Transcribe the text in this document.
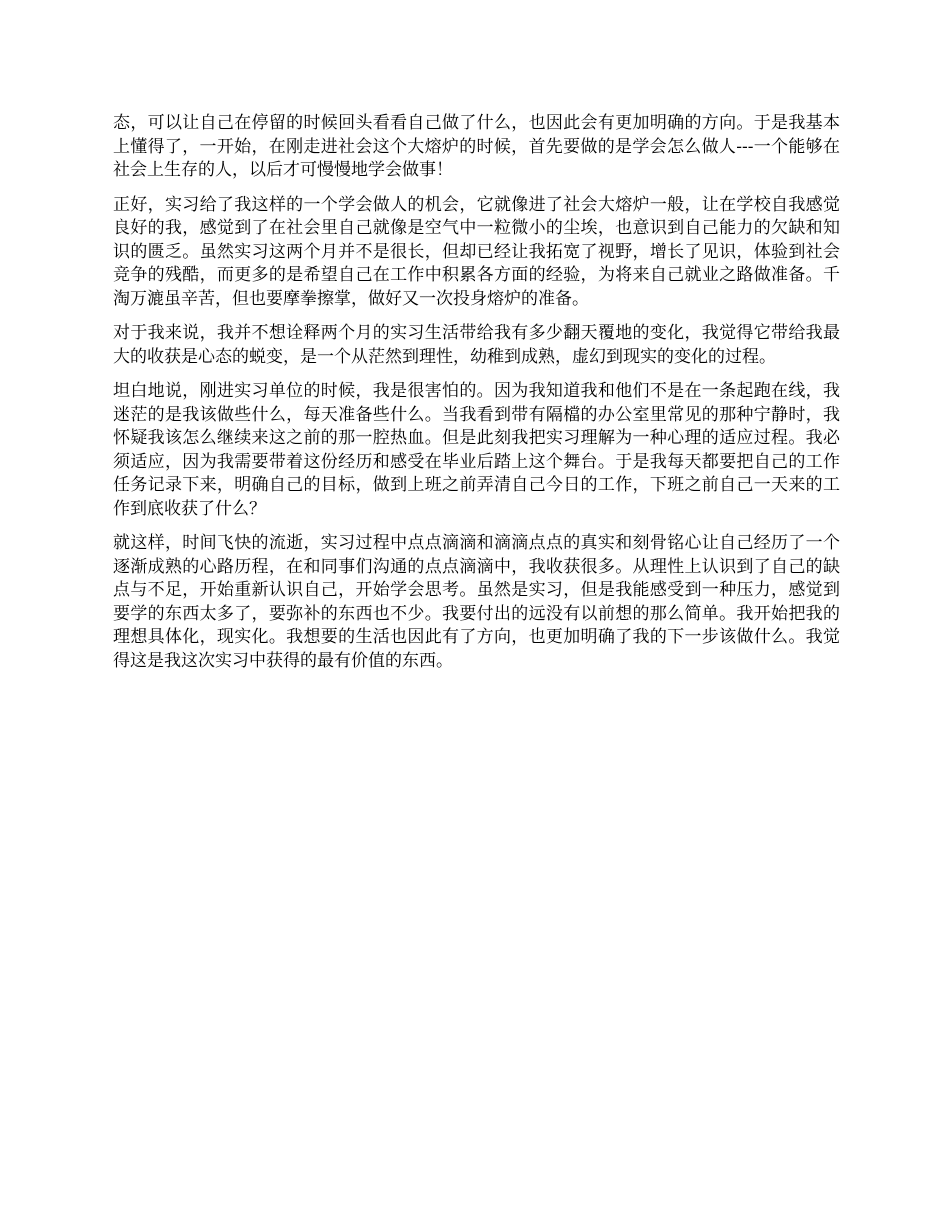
态，可以让自己在停留的时候回头看看自己做了什么，也因此会有更加明确的方向。于是我基本上懂得了，一开始，在刚走进社会这个大熔炉的时候，首先要做的是学会怎么做人---一个能够在社会上生存的人，以后才可慢慢地学会做事！

正好，实习给了我这样的一个学会做人的机会，它就像进了社会大熔炉一般，让在学校自我感觉良好的我，感觉到了在社会里自己就像是空气中一粒微小的尘埃，也意识到自己能力的欠缺和知识的匮乏。虽然实习这两个月并不是很长，但却已经让我拓宽了视野，增长了见识，体验到社会竞争的残酷，而更多的是希望自己在工作中积累各方面的经验，为将来自己就业之路做准备。千淘万漉虽辛苦，但也要摩拳擦掌，做好又一次投身熔炉的准备。

对于我来说，我并不想诠释两个月的实习生活带给我有多少翻天覆地的变化，我觉得它带给我最大的收获是心态的蜕变，是一个从茫然到理性，幼稚到成熟，虚幻到现实的变化的过程。

坦白地说，刚进实习单位的时候，我是很害怕的。因为我知道我和他们不是在一条起跑在线，我迷茫的是我该做些什么，每天准备些什么。当我看到带有隔檔的办公室里常见的那种宁静时，我怀疑我该怎么继续来这之前的那一腔热血。但是此刻我把实习理解为一种心理的适应过程。我必须适应，因为我需要带着这份经历和感受在毕业后踏上这个舞台。于是我每天都要把自己的工作任务记录下来，明确自己的目标，做到上班之前弄清自己今日的工作，下班之前自己一天来的工作到底收获了什么？

就这样，时间飞快的流逝，实习过程中点点滴滴和滴滴点点的真实和刻骨铭心让自己经历了一个逐渐成熟的心路历程，在和同事们沟通的点点滴滴中，我收获很多。从理性上认识到了自己的缺点与不足，开始重新认识自己，开始学会思考。虽然是实习，但是我能感受到一种压力，感觉到要学的东西太多了，要弥补的东西也不少。我要付出的远没有以前想的那么简单。我开始把我的理想具体化，现实化。我想要的生活也因此有了方向，也更加明确了我的下一步该做什么。我觉得这是我这次实习中获得的最有价值的东西。
